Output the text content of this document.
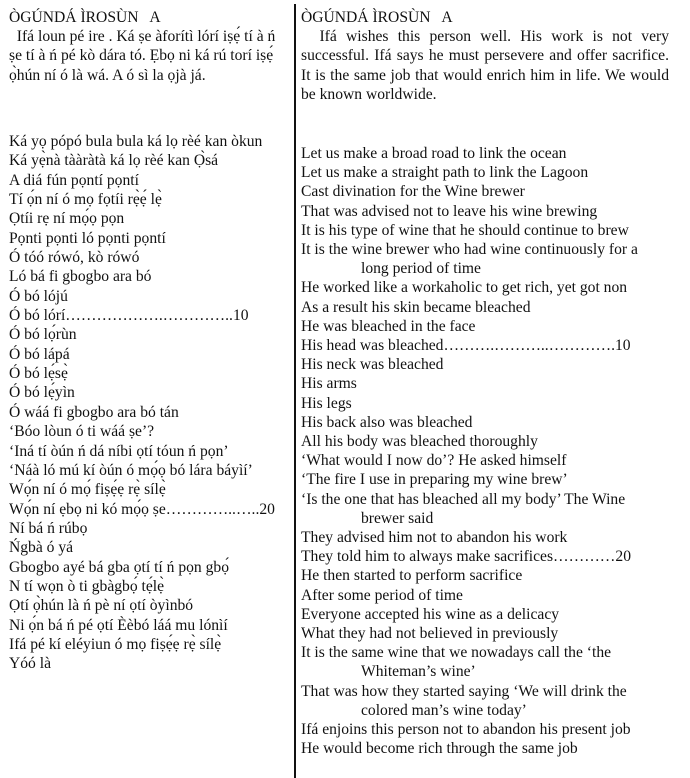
ÒGÚNDÁ ÌROSÙN   A
Ifá loun pé ire . Ká ṣe àforítì lórí iṣẹ́ tí à ń ṣe tí à ń pé kò dára tó. Ẹbọ ni ká rú torí iṣẹ́ ọ̀hún ní ó là wá. A ó sì la ọjà já.
Ká yọ pópó bula bula ká lọ rèé kan òkun
Ká yẹ̀nà tààràtà ká lọ rèé kan Ọ̀sá
A diá fún pọntí pọntí
Tí ọ́n ní ó mọ fọtíi rẹ̀ẹ́ lẹ̀
Ọtíi rẹ ní mọ́ọ pọn
Pọnti pọnti ló pọnti pọntí
Ó tóó rówó, kò rówó
Ló bá fi gbogbo ara bó
Ó bó lójú
Ó bó lórí……………….…………..10
Ó bó lọ́rùn
Ó bó lápá
Ó bó lẹ́sẹ̀
Ó bó lẹ́yìn
Ó wáá fi gbogbo ara bó tán
‘Bóo lòun ó ti wáá ṣe’?
‘Iná tí òún ń dá níbi ọtí tóun ń pọn’
‘Náà ló mú kí òún ó mọ́ọ bó lára báyìí’
Wọ́n ní ó mọ́ fiṣẹ́ẹ rẹ̀ sílẹ̀
Wọ́n ní ẹbọ ni kó mọ́ọ ṣe…………..…..20
Ní bá ń rúbọ
Ńgbà ó yá
Gbogbo ayé bá gba ọtí tí ń pọn gbọ́
N tí wọn ò ti gbàgbọ́ tẹ́lẹ̀
Ọtí ọ̀hún là ń pè ní ọtí òyìnbó
Ni ọ́n bá ń pé ọtí Èèbó láá mu lónìí
Ifá pé kí eléyiun ó mọ fiṣẹ́ẹ rẹ̀ sílẹ̀
Yóó là
ÒGÚNDÁ ÌROSÙN   A
Ifá wishes this person well. His work is not very successful. Ifá says he must persevere and offer sacrifice. It is the same job that would enrich him in life. We would be known worldwide.
Let us make a broad road to link the ocean
Let us make a straight path to link the Lagoon
Cast divination for the Wine brewer
That was advised not to leave his wine brewing
It is his type of wine that he should continue to brew
It is the wine brewer who had wine continuously for a
long period of time
He worked like a workaholic to get rich, yet got non
As a result his skin became bleached
He was bleached in the face
His head was bleached……….………..………….10
His neck was bleached
His arms
His legs
His back also was bleached
All his body was bleached thoroughly
‘What would I now do’? He asked himself
‘The fire I use in preparing my wine brew’
‘Is the one that has bleached all my body’ The Wine
brewer said
They advised him not to abandon his work
They told him to always make sacrifices…………20
He then started to perform sacrifice
After some period of time
Everyone accepted his wine as a delicacy
What they had not believed in previously
It is the same wine that we nowadays call the ‘the
Whiteman’s wine’
That was how they started saying ‘We will drink the
colored man’s wine today’
Ifá enjoins this person not to abandon his present job
He would become rich through the same job
